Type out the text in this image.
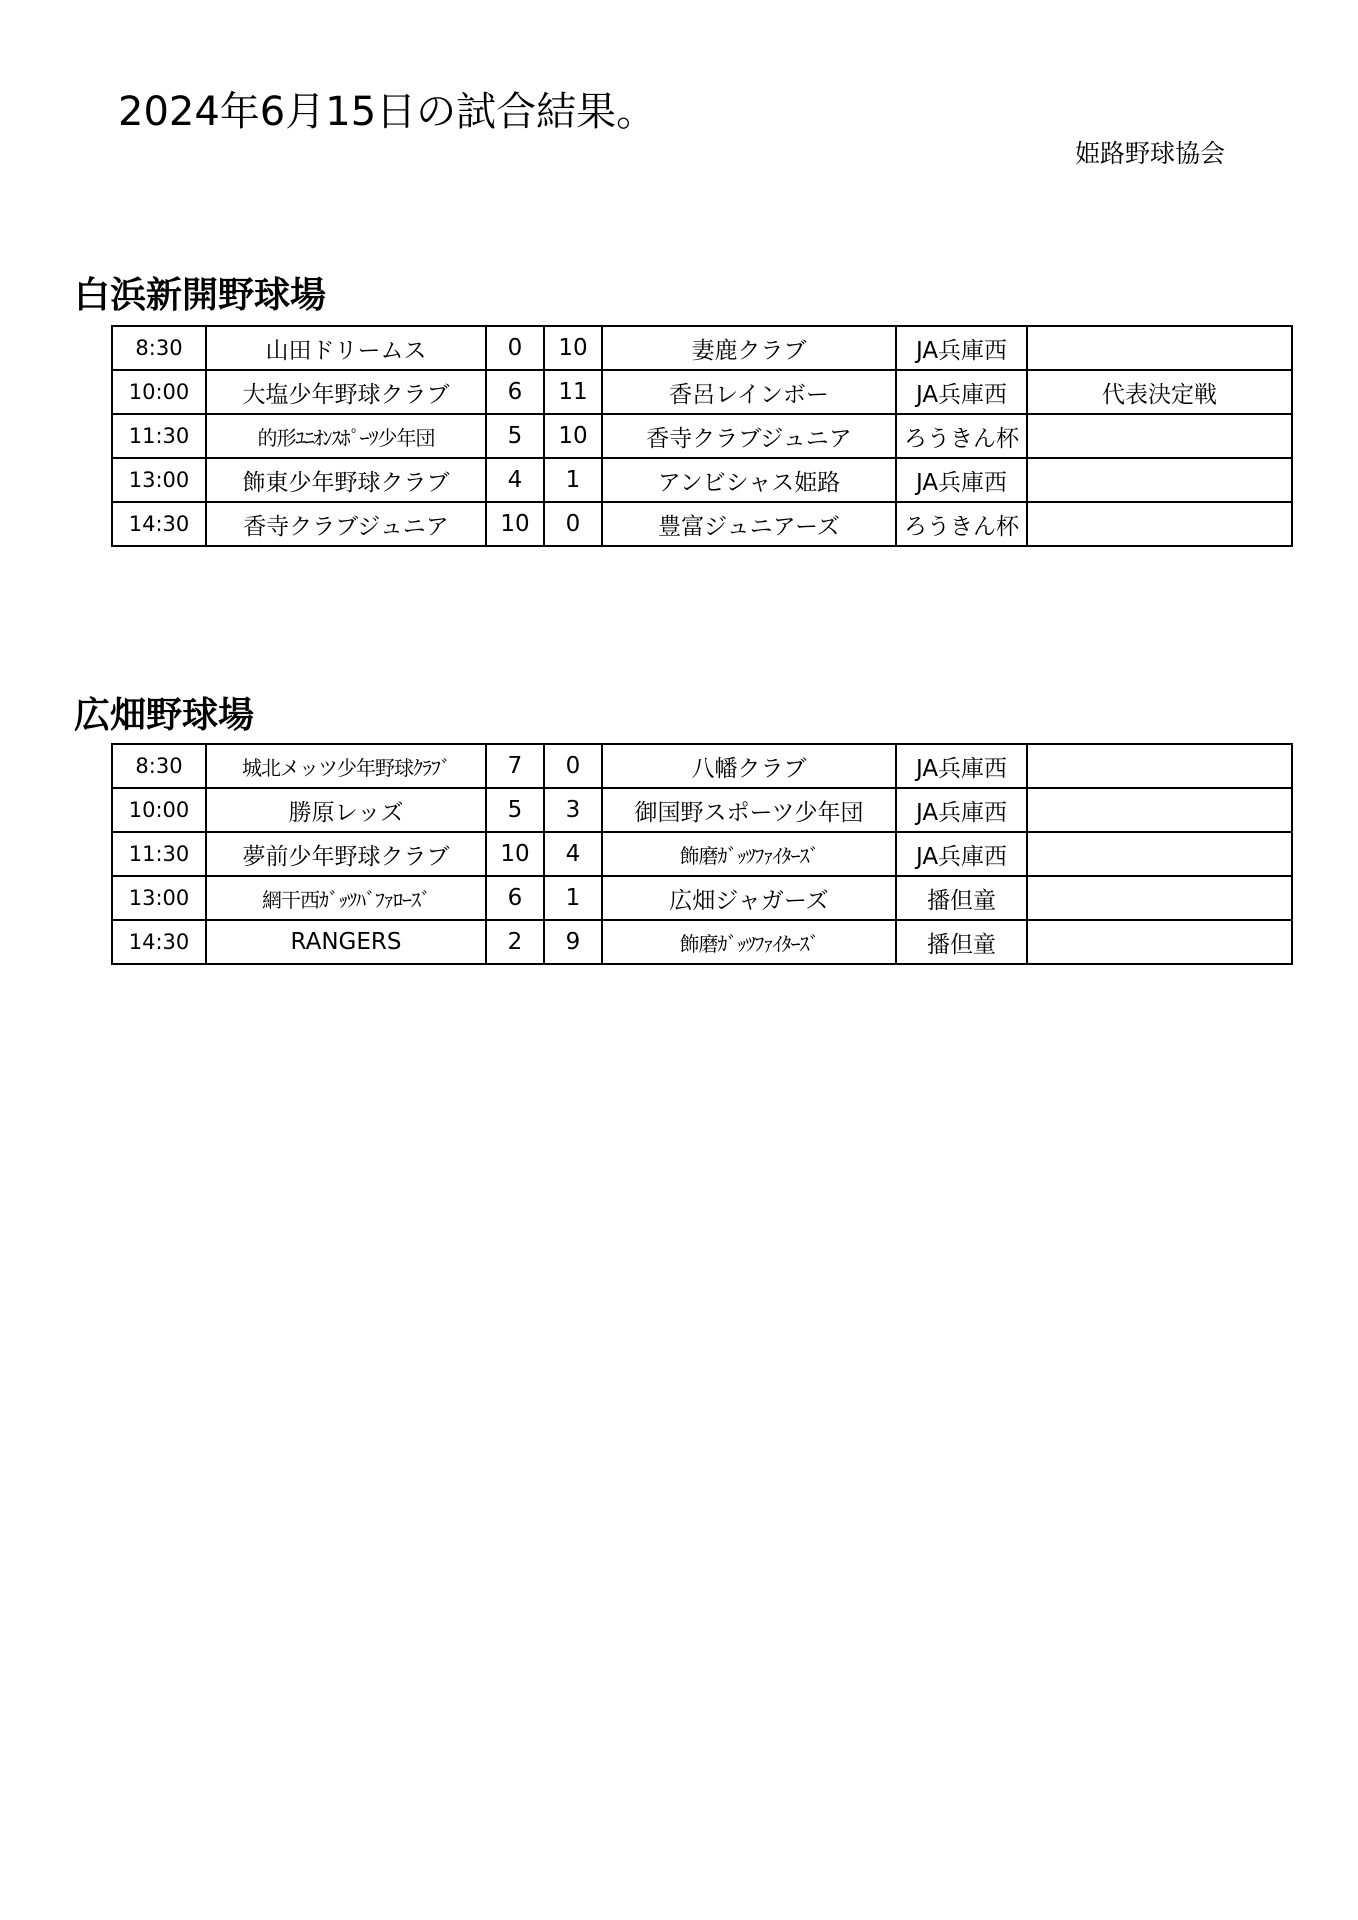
2024年6月15日の試合結果。
姫路野球協会
白浜新開野球場
8:30	山田ドリームス	0	10	妻鹿クラブ	JA兵庫西	
10:00	大塩少年野球クラブ	6	11	香呂レインボー	JA兵庫西	代表決定戦
11:30	的形ﾕﾆｵﾝｽﾎﾟｰﾂ少年団	5	10	香寺クラブジュニア	ろうきん杯	
13:00	飾東少年野球クラブ	4	1	アンビシャス姫路	JA兵庫西	
14:30	香寺クラブジュニア	10	0	豊富ジュニアーズ	ろうきん杯	
広畑野球場
8:30	城北メッツ少年野球ｸﾗﾌﾞ	7	0	八幡クラブ	JA兵庫西	
10:00	勝原レッズ	5	3	御国野スポーツ少年団	JA兵庫西	
11:30	夢前少年野球クラブ	10	4	飾磨ｶﾞｯﾂﾌｧｲﾀｰｽﾞ	JA兵庫西	
13:00	網干西ｶﾞｯﾂﾊﾞﾌｧﾛｰｽﾞ	6	1	広畑ジャガーズ	播但童	
14:30	RANGERS	2	9	飾磨ｶﾞｯﾂﾌｧｲﾀｰｽﾞ	播但童	
